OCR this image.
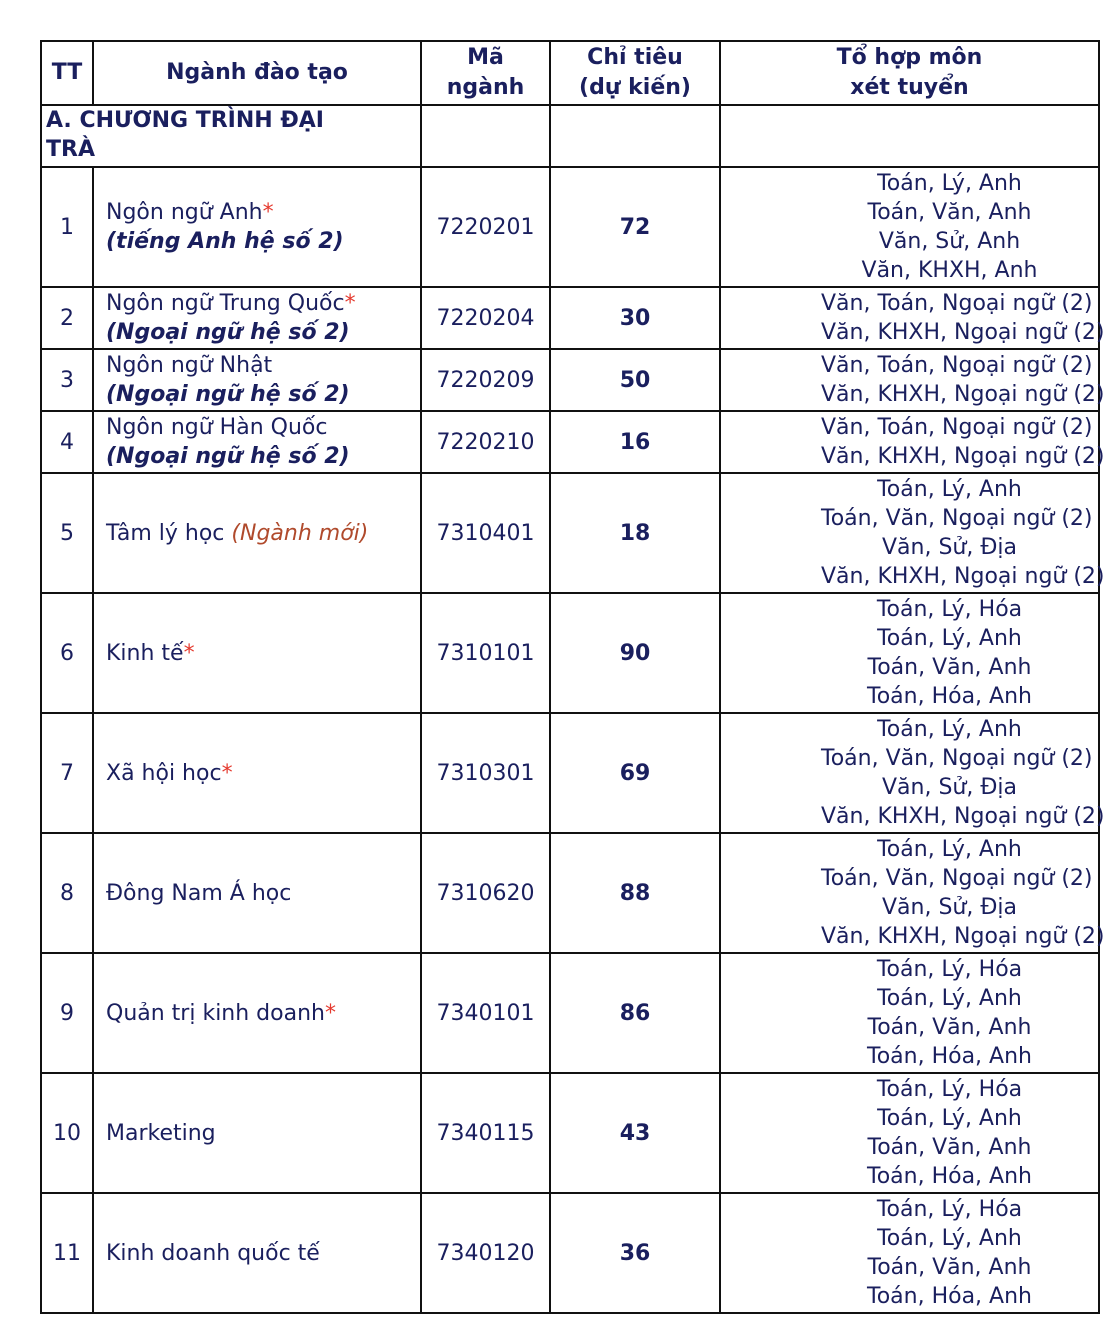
TT	Ngành đào tạo	Mã
ngành	Chỉ tiêu
(dự kiến)	Tổ hợp môn
xét tuyển

A. CHƯƠNG TRÌNH ĐẠI
TRÀ				

1	Ngôn ngữ Anh*
(tiếng Anh hệ số 2)	7220201	72	Toán, Lý, Anh
Toán, Văn, Anh
Văn, Sử, Anh
Văn, KHXH, Anh

2	Ngôn ngữ Trung Quốc*
(Ngoại ngữ hệ số 2)	7220204	30	Văn, Toán, Ngoại ngữ (2)
Văn, KHXH, Ngoại ngữ (2)

3	Ngôn ngữ Nhật
(Ngoại ngữ hệ số 2)	7220209	50	Văn, Toán, Ngoại ngữ (2)
Văn, KHXH, Ngoại ngữ (2)

4	Ngôn ngữ Hàn Quốc
(Ngoại ngữ hệ số 2)	7220210	16	Văn, Toán, Ngoại ngữ (2)
Văn, KHXH, Ngoại ngữ (2)

5	Tâm lý học (Ngành mới)	7310401	18	Toán, Lý, Anh
Toán, Văn, Ngoại ngữ (2)
Văn, Sử, Địa
Văn, KHXH, Ngoại ngữ (2)

6	Kinh tế*	7310101	90	Toán, Lý, Hóa
Toán, Lý, Anh
Toán, Văn, Anh
Toán, Hóa, Anh

7	Xã hội học*	7310301	69	Toán, Lý, Anh
Toán, Văn, Ngoại ngữ (2)
Văn, Sử, Địa
Văn, KHXH, Ngoại ngữ (2)

8	Đông Nam Á học	7310620	88	Toán, Lý, Anh
Toán, Văn, Ngoại ngữ (2)
Văn, Sử, Địa
Văn, KHXH, Ngoại ngữ (2)

9	Quản trị kinh doanh*	7340101	86	Toán, Lý, Hóa
Toán, Lý, Anh
Toán, Văn, Anh
Toán, Hóa, Anh

10	Marketing	7340115	43	Toán, Lý, Hóa
Toán, Lý, Anh
Toán, Văn, Anh
Toán, Hóa, Anh

11	Kinh doanh quốc tế	7340120	36	Toán, Lý, Hóa
Toán, Lý, Anh
Toán, Văn, Anh
Toán, Hóa, Anh
